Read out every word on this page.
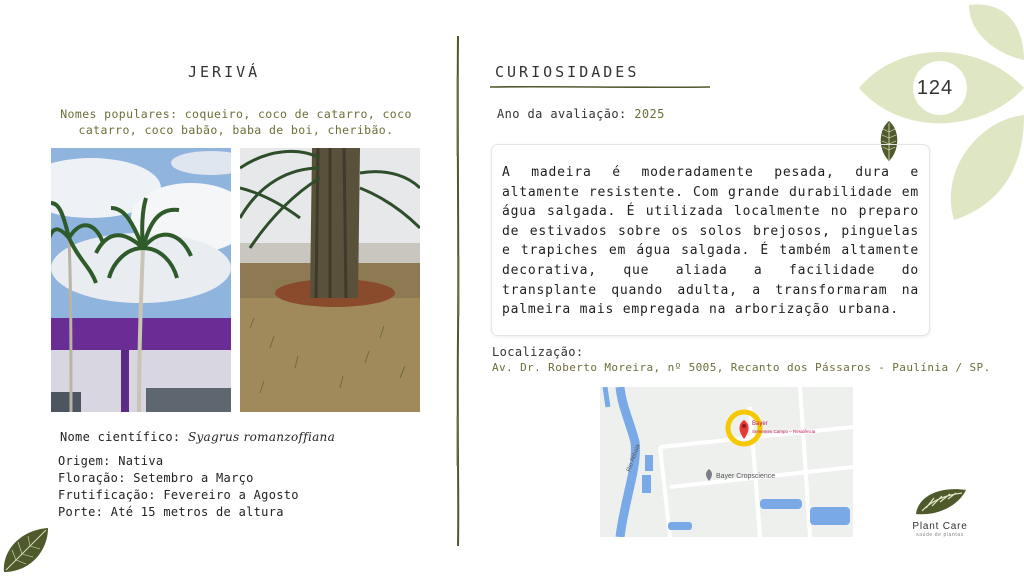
124
JERIVÁ
Nomes populares: coqueiro, coco de catarro, coco catarro, coco babão, baba de boi, cheribão.
Nome científico: Syagrus romanzoffiana
Origem: Nativa
Floração: Setembro a Março
Frutificação: Fevereiro a Agosto
Porte: Até 15 metros de altura
CURIOSIDADES
Ano da avaliação: 2025
A madeira é moderadamente pesada, dura e altamente resistente. Com grande durabilidade em água salgada. É utilizada localmente no preparo de estivados sobre os solos brejosos, pinguelas e trapiches em água salgada. É também altamente decorativa, que aliada a facilidade do transplante quando adulta, a transformaram na palmeira mais empregada na arborização urbana.
Localização:
Av. Dr. Roberto Moreira, nº 5005, Recanto dos Pássaros - Paulínia / SP.
Rio Atibaia
Bayer
Sementes Campo – Residência
Bayer Cropscience
Plant Care
saúde de plantas
